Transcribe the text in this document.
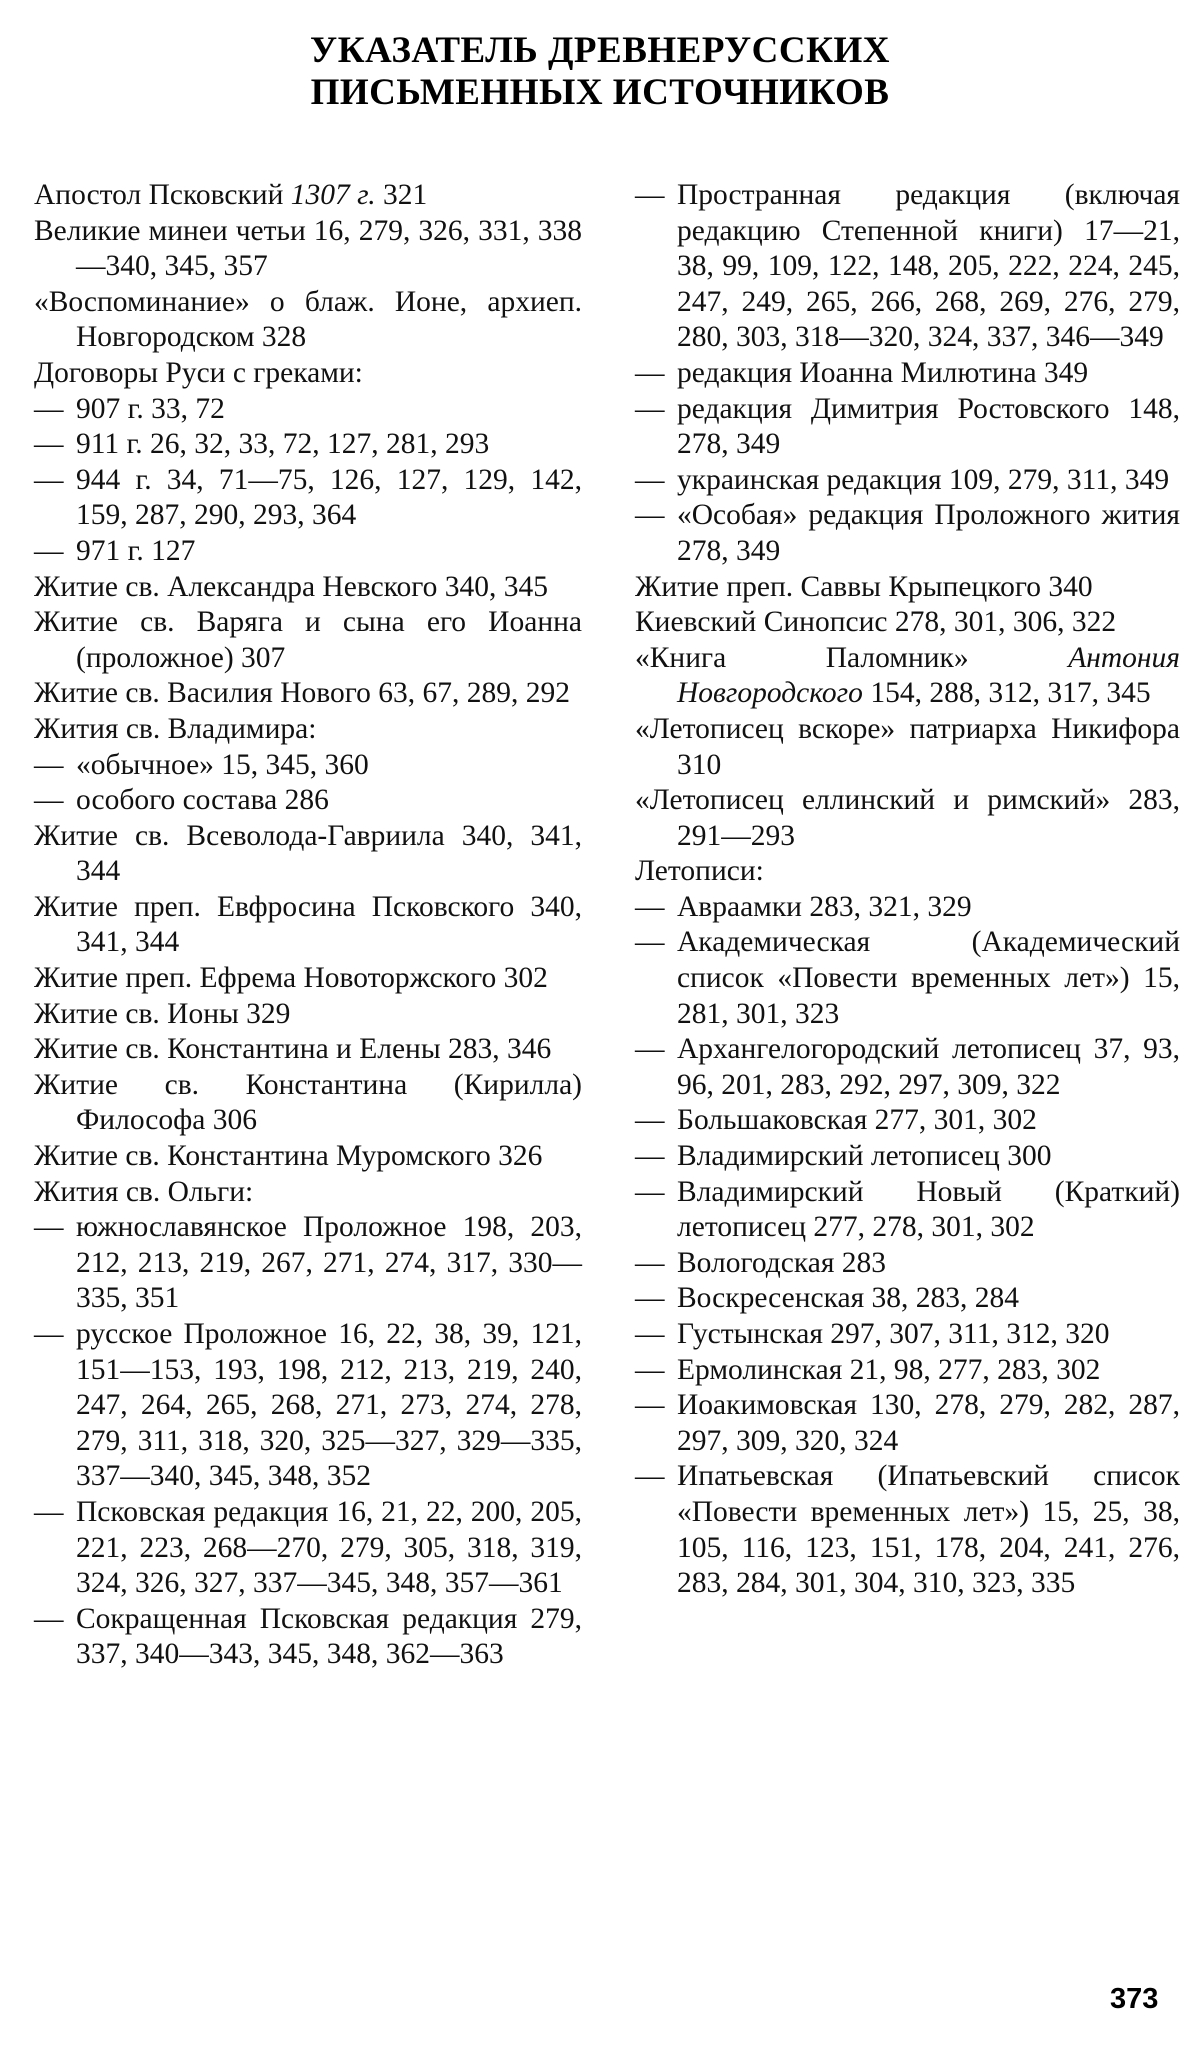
УКАЗАТЕЛЬ ДРЕВНЕРУССКИХ
ПИСЬМЕННЫХ ИСТОЧНИКОВ
Апостол Псковский 1307 г. 321
Великие минеи четьи 16, 279, 326, 331, 338—340, 345, 357
«Воспоминание» о блаж. Ионе, архиеп. Новгородском 328
Договоры Руси с греками:
— 907 г. 33, 72
— 911 г. 26, 32, 33, 72, 127, 281, 293
— 944 г. 34, 71—75, 126, 127, 129, 142, 159, 287, 290, 293, 364
— 971 г. 127
Житие св. Александра Невского 340, 345
Житие св. Варяга и сына его Иоанна (проложное) 307
Житие св. Василия Нового 63, 67, 289, 292
Жития св. Владимира:
— «обычное» 15, 345, 360
— особого состава 286
Житие св. Всеволода-Гавриила 340, 341, 344
Житие преп. Евфросина Псковского 340, 341, 344
Житие преп. Ефрема Новоторжского 302
Житие св. Ионы 329
Житие св. Константина и Елены 283, 346
Житие св. Константина (Кирилла) Философа 306
Житие св. Константина Муромского 326
Жития св. Ольги:
— южнославянское Проложное 198, 203, 212, 213, 219, 267, 271, 274, 317, 330—335, 351
— русское Проложное 16, 22, 38, 39, 121, 151—153, 193, 198, 212, 213, 219, 240, 247, 264, 265, 268, 271, 273, 274, 278, 279, 311, 318, 320, 325—327, 329—335, 337—340, 345, 348, 352
— Псковская редакция 16, 21, 22, 200, 205, 221, 223, 268—270, 279, 305, 318, 319, 324, 326, 327, 337—345, 348, 357—361
— Сокращенная Псковская редакция 279, 337, 340—343, 345, 348, 362—363
— Пространная редакция (включая редакцию Степенной книги) 17—21, 38, 99, 109, 122, 148, 205, 222, 224, 245, 247, 249, 265, 266, 268, 269, 276, 279, 280, 303, 318—320, 324, 337, 346—349
— редакция Иоанна Милютина 349
— редакция Димитрия Ростовского 148, 278, 349
— украинская редакция 109, 279, 311, 349
— «Особая» редакция Проложного жития 278, 349
Житие преп. Саввы Крыпецкого 340
Киевский Синопсис 278, 301, 306, 322
«Книга Паломник» Антония Новгородского 154, 288, 312, 317, 345
«Летописец вскоре» патриарха Никифора 310
«Летописец еллинский и римский» 283, 291—293
Летописи:
— Авраамки 283, 321, 329
— Академическая (Академический список «Повести временных лет») 15, 281, 301, 323
— Архангелогородский летописец 37, 93, 96, 201, 283, 292, 297, 309, 322
— Большаковская 277, 301, 302
— Владимирский летописец 300
— Владимирский Новый (Краткий) летописец 277, 278, 301, 302
— Вологодская 283
— Воскресенская 38, 283, 284
— Густынская 297, 307, 311, 312, 320
— Ермолинская 21, 98, 277, 283, 302
— Иоакимовская 130, 278, 279, 282, 287, 297, 309, 320, 324
— Ипатьевская (Ипатьевский список «Повести временных лет») 15, 25, 38, 105, 116, 123, 151, 178, 204, 241, 276, 283, 284, 301, 304, 310, 323, 335
373
